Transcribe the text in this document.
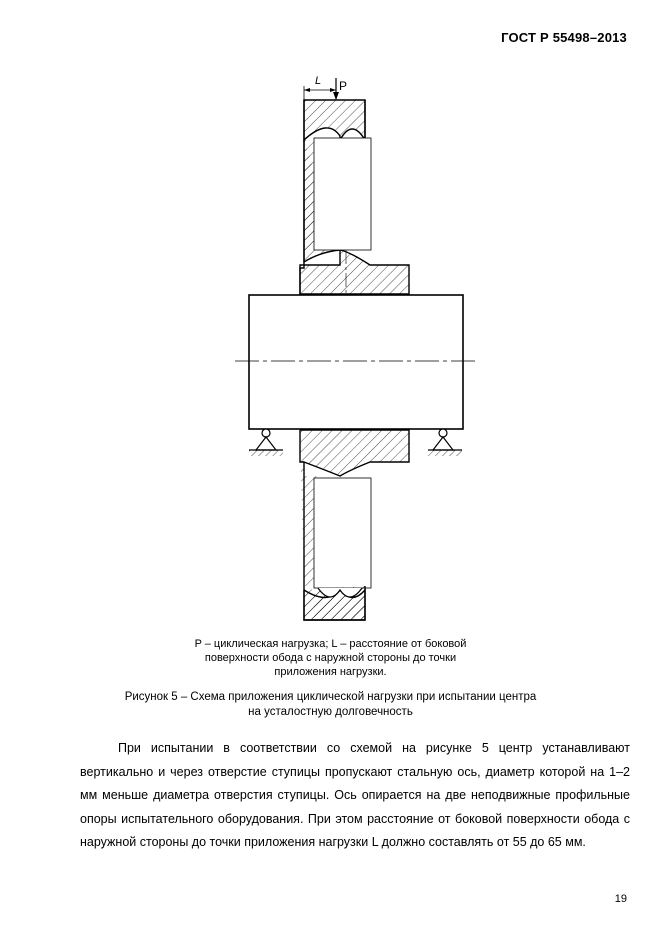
ГОСТ Р 55498–2013
P
L
P – циклическая нагрузка; L – расстояние от боковой
поверхности обода с наружной стороны до точки
приложения нагрузки.
Рисунок 5 – Схема приложения циклической нагрузки при испытании центра
на усталостную долговечность
При испытании в соответствии со схемой на рисунке 5 центр устанавливают вертикально и через отверстие ступицы пропускают стальную ось, диаметр которой на 1–2 мм меньше диаметра отверстия ступицы. Ось опирается на две неподвижные профильные опоры испытательного оборудования. При этом расстояние от боковой поверхности обода с наружной стороны до точки приложения нагрузки L должно составлять от 55 до 65 мм.
19
